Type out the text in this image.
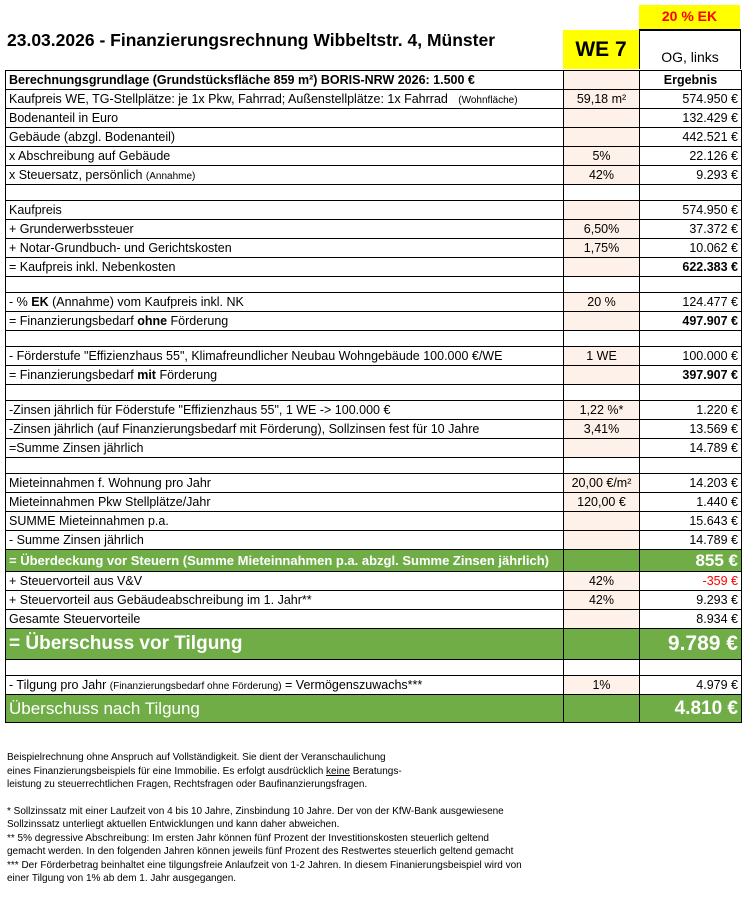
20 % EK
23.03.2026 - Finanzierungsrechnung Wibbeltstr. 4, Münster	WE 7	OG, links
Berechnungsgrundlage (Grundstücksfläche 859 m²) BORIS-NRW 2026: 1.500 €		Ergebnis
Kaufpreis WE, TG-Stellplätze: je 1x Pkw, Fahrrad; Außenstellplätze: 1x Fahrrad (Wohnfläche)	59,18 m²	574.950 €
Bodenanteil in Euro		132.429 €
Gebäude (abzgl. Bodenanteil)		442.521 €
x Abschreibung auf Gebäude	5%	22.126 €
x Steuersatz, persönlich (Annahme)	42%	9.293 €

Kaufpreis		574.950 €
+ Grunderwerbssteuer	6,50%	37.372 €
+ Notar-Grundbuch- und Gerichtskosten	1,75%	10.062 €
= Kaufpreis inkl. Nebenkosten		622.383 €

- % EK (Annahme) vom Kaufpreis inkl. NK	20 %	124.477 €
= Finanzierungsbedarf ohne Förderung		497.907 €

- Förderstufe "Effizienzhaus 55", Klimafreundlicher Neubau Wohngebäude 100.000 €/WE	1 WE	100.000 €
= Finanzierungsbedarf mit Förderung		397.907 €

-Zinsen jährlich für Föderstufe "Effizienzhaus 55", 1 WE -> 100.000 €	1,22 %*	1.220 €
-Zinsen jährlich (auf Finanzierungsbedarf mit Förderung), Sollzinsen fest für 10 Jahre	3,41%	13.569 €
=Summe Zinsen jährlich		14.789 €

Mieteinnahmen f. Wohnung pro Jahr	20,00 €/m²	14.203 €
Mieteinnahmen Pkw Stellplätze/Jahr	120,00 €	1.440 €
SUMME Mieteinnahmen p.a.		15.643 €
- Summe Zinsen jährlich		14.789 €
= Überdeckung vor Steuern (Summe Mieteinnahmen p.a. abzgl. Summe Zinsen jährlich)		855 €
+ Steuervorteil aus V&V	42%	-359 €
+ Steuervorteil aus Gebäudeabschreibung im 1. Jahr**	42%	9.293 €
Gesamte Steuervorteile		8.934 €
= Überschuss vor Tilgung		9.789 €

- Tilgung pro Jahr (Finanzierungsbedarf ohne Förderung) = Vermögenszuwachs***	1%	4.979 €
Überschuss nach Tilgung		4.810 €

Beispielrechnung ohne Anspruch auf Vollständigkeit. Sie dient der Veranschaulichung

eines Finanzierungsbeispiels für eine Immobilie. Es erfolgt ausdrücklich keine Beratungs-

leistung zu steuerrechtlichen Fragen, Rechtsfragen oder Baufinanzierungsfragen.

* Sollzinssatz mit einer Laufzeit von 4 bis 10 Jahre, Zinsbindung 10 Jahre. Der von der KfW-Bank ausgewiesene

Sollzinssatz unterliegt aktuellen Entwicklungen und kann daher abweichen.

** 5% degressive Abschreibung: Im ersten Jahr können fünf Prozent der Investitionskosten steuerlich geltend

gemacht werden. In den folgenden Jahren können jeweils fünf Prozent des Restwertes steuerlich geltend gemacht

*** Der Förderbetrag beinhaltet eine tilgungsfreie Anlaufzeit von 1-2 Jahren. In diesem Finanierungsbeispiel wird von

einer Tilgung von 1% ab dem 1. Jahr ausgegangen.
